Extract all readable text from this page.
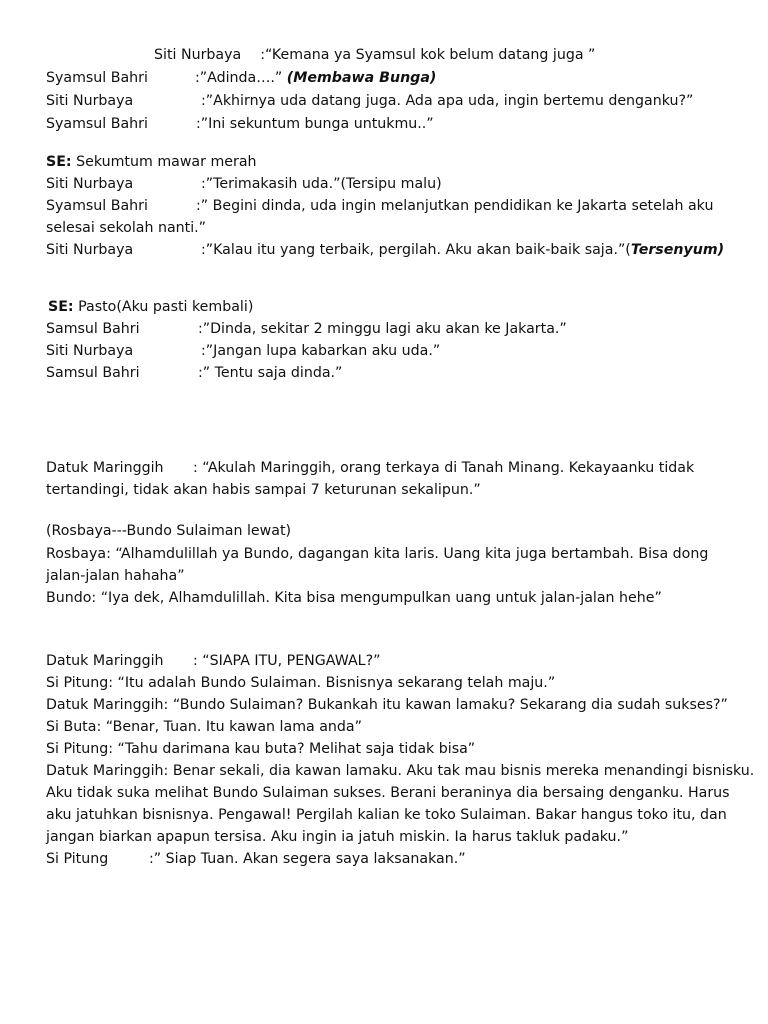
Siti Nurbaya :“Kemana ya Syamsul kok belum datang juga ”
Syamsul Bahri	:”Adinda….” (Membawa Bunga)
Siti Nurbaya	:”Akhirnya uda datang juga. Ada apa uda, ingin bertemu denganku?”
Syamsul Bahri	:”Ini sekuntum bunga untukmu..”
SE: Sekumtum mawar merah
Siti Nurbaya	:”Terimakasih uda.”(Tersipu malu)
Syamsul Bahri	:” Begini dinda, uda ingin melanjutkan pendidikan ke Jakarta setelah aku
selesai sekolah nanti.”
Siti Nurbaya	:”Kalau itu yang terbaik, pergilah. Aku akan baik-baik saja.”(Tersenyum)
SE: Pasto(Aku pasti kembali)
Samsul Bahri	:”Dinda, sekitar 2 minggu lagi aku akan ke Jakarta.”
Siti Nurbaya	:”Jangan lupa kabarkan aku uda.”
Samsul Bahri	:” Tentu saja dinda.”
Datuk Maringgih : “Akulah Maringgih, orang terkaya di Tanah Minang. Kekayaanku tidak
tertandingi, tidak akan habis sampai 7 keturunan sekalipun.”
(Rosbaya---Bundo Sulaiman lewat)
Rosbaya: “Alhamdulillah ya Bundo, dagangan kita laris. Uang kita juga bertambah. Bisa dong
jalan-jalan hahaha”
Bundo: “Iya dek, Alhamdulillah. Kita bisa mengumpulkan uang untuk jalan-jalan hehe”
Datuk Maringgih : “SIAPA ITU, PENGAWAL?”
Si Pitung: “Itu adalah Bundo Sulaiman. Bisnisnya sekarang telah maju.”
Datuk Maringgih: “Bundo Sulaiman? Bukankah itu kawan lamaku? Sekarang dia sudah sukses?”
Si Buta: “Benar, Tuan. Itu kawan lama anda”
Si Pitung: “Tahu darimana kau buta? Melihat saja tidak bisa”
Datuk Maringgih: Benar sekali, dia kawan lamaku. Aku tak mau bisnis mereka menandingi bisnisku.
Aku tidak suka melihat Bundo Sulaiman sukses. Berani beraninya dia bersaing denganku. Harus
aku jatuhkan bisnisnya. Pengawal! Pergilah kalian ke toko Sulaiman. Bakar hangus toko itu, dan
jangan biarkan apapun tersisa. Aku ingin ia jatuh miskin. Ia harus takluk padaku.”
Si Pitung	:” Siap Tuan. Akan segera saya laksanakan.”
